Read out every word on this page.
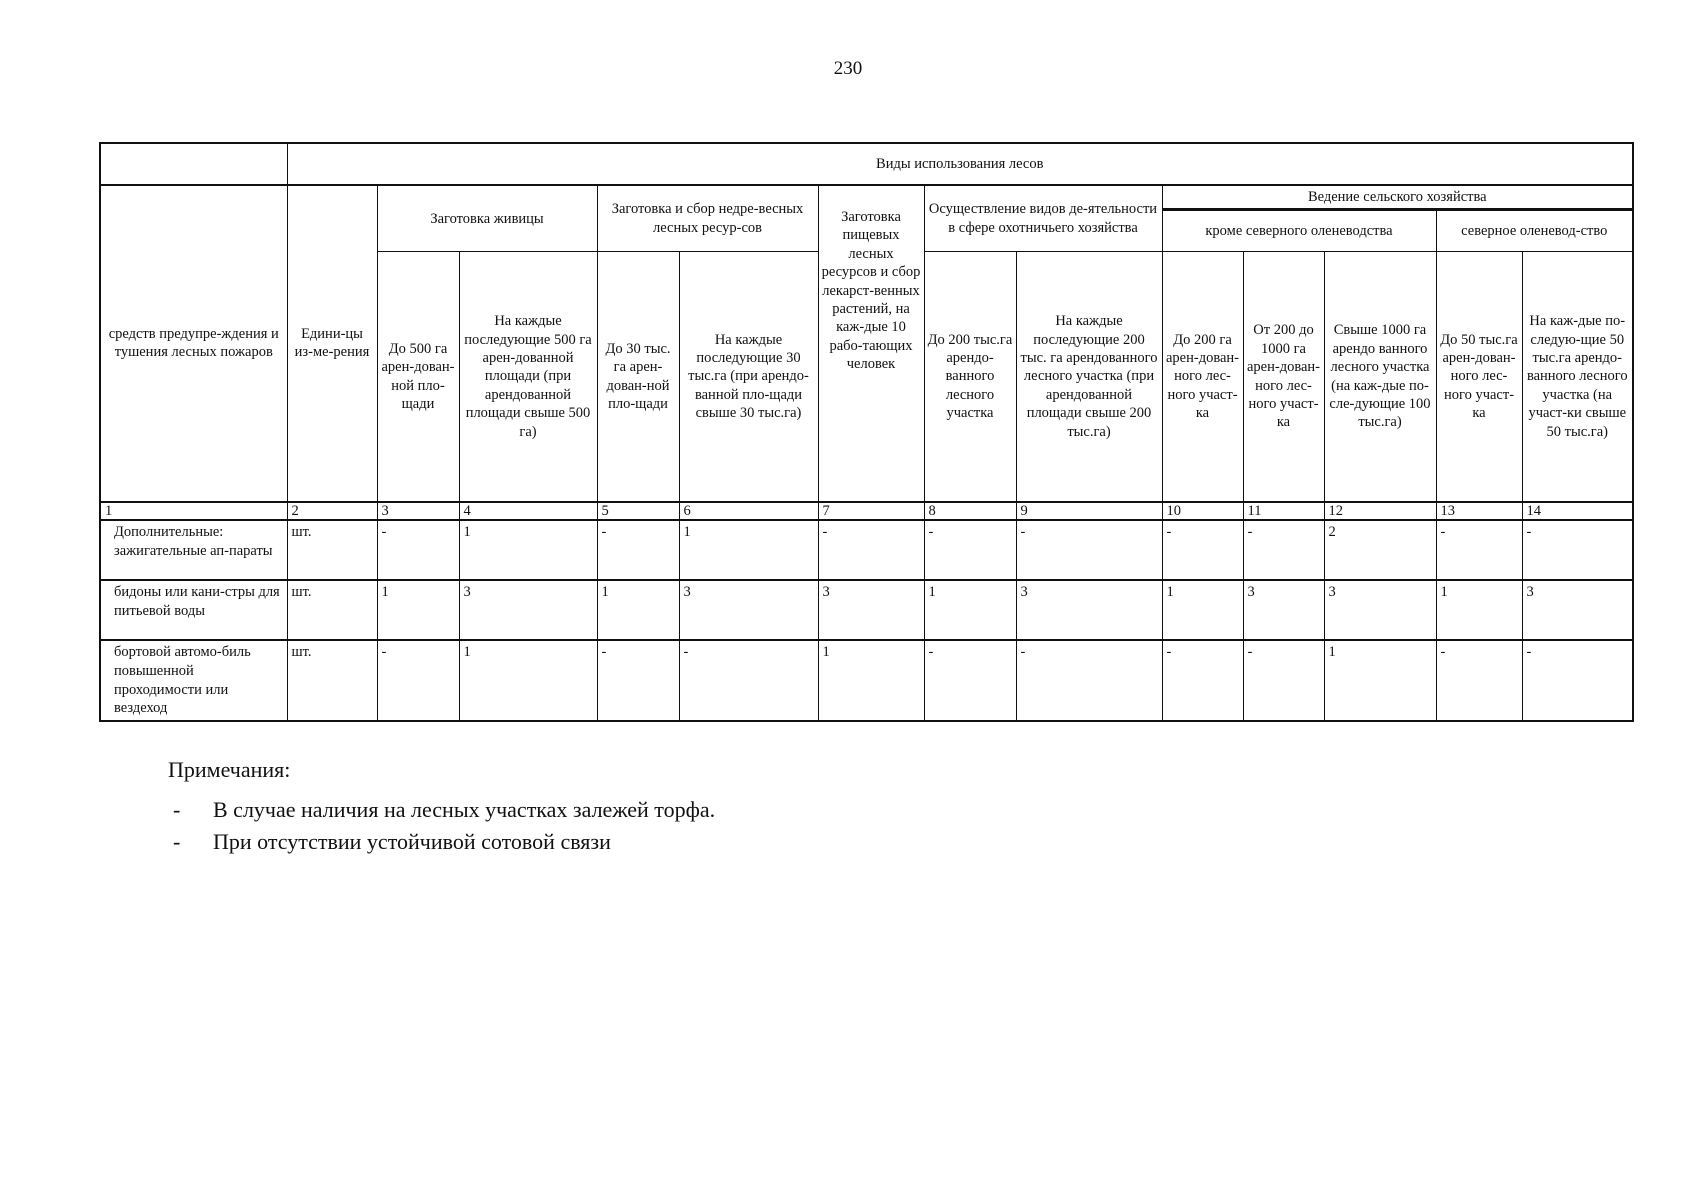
230
	Виды использования лесов												
средств предупре-ждения и тушения лесных пожаров	Едини-цы из-ме-рения	Заготовка живицы		Заготовка и сбор недре-весных лесных ресур-сов		Заготовка пищевых лесных ресурсов и сбор лекарст-венных растений, на каж-дые 10 рабо-тающих человек	Осуществление видов де-ятельности в сфере охотничьего хозяйства		Ведение сельского хозяйства				
									кроме северного оленеводства			северное оленевод-ство	
		До 500 га арен-дован-ной пло-щади	На каждые последующие 500 га арен-дованной площади (при арендованной площади свыше 500 га)	До 30 тыс. га арен-дован-ной пло-щади	На каждые последующие 30 тыс.га (при арендо-ванной пло-щади свыше 30 тыс.га)		До 200 тыс.га арендо-ванного лесного участка	На каждые последующие 200 тыс. га арендованного лесного участка (при арендованной площади свыше 200 тыс.га)	До 200 га арен-дован-ного лес-ного участ-ка	От 200 до 1000 га арен-дован-ного лес-ного участ-ка	Свыше 1000 га арендо ванного лесного участка (на каж-дые по-сле-дующие 100 тыс.га)	До 50 тыс.га арен-дован-ного лес-ного участ-ка	На каж-дые по-следую-щие 50 тыс.га арендо-ванного лесного участка (на участ-ки свыше 50 тыс.га)
1	2	3	4	5	6	7	8	9	10	11	12	13	14
Дополнительные: зажигательные ап-параты	шт.	-	1	-	1	-	-	-	-	-	2	-	-
бидоны или кани-стры для питьевой воды	шт.	1	3	1	3	3	1	3	1	3	3	1	3
бортовой автомо-биль повышенной проходимости или вездеход	шт.	-	1	-	-	1	-	-	-	-	1	-	-
Примечания:
- В случае наличия на лесных участках залежей торфа.
- При отсутствии устойчивой сотовой связи
